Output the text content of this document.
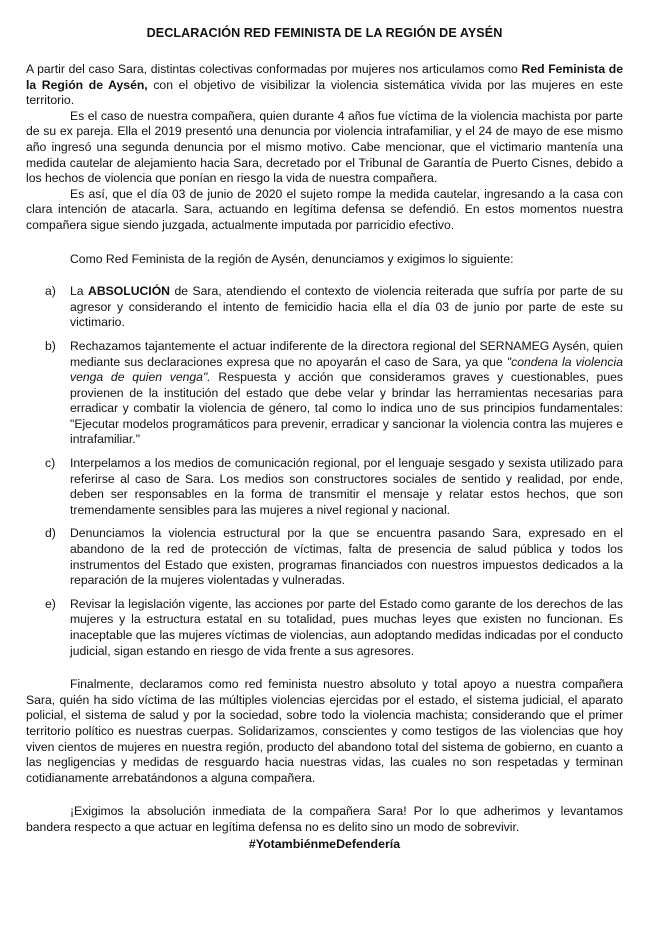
DECLARACIÓN RED FEMINISTA DE LA REGIÓN DE AYSÉN

A partir del caso Sara, distintas colectivas conformadas por mujeres nos articulamos como Red Feminista de la Región de Aysén, con el objetivo de visibilizar la violencia sistemática vivida por las mujeres en este territorio.

Es el caso de nuestra compañera, quien durante 4 años fue víctima de la violencia machista por parte de su ex pareja. Ella el 2019 presentó una denuncia por violencia intrafamiliar, y el 24 de mayo de ese mismo año ingresó una segunda denuncia por el mismo motivo. Cabe mencionar, que el victimario mantenía una medida cautelar de alejamiento hacia Sara, decretado por el Tribunal de Garantía de Puerto Cisnes, debido a los hechos de violencia que ponían en riesgo la vida de nuestra compañera.

Es así, que el día 03 de junio de 2020 el sujeto rompe la medida cautelar, ingresando a la casa con clara intención de atacarla. Sara, actuando en legítima defensa se defendió. En estos momentos nuestra compañera sigue siendo juzgada, actualmente imputada por parricidio efectivo.

Como Red Feminista de la región de Aysén, denunciamos y exigimos lo siguiente:

a) La ABSOLUCIÓN de Sara, atendiendo el contexto de violencia reiterada que sufría por parte de su agresor y considerando el intento de femicidio hacia ella el día 03 de junio por parte de este su victimario.
b) Rechazamos tajantemente el actuar indiferente de la directora regional del SERNAMEG Aysén, quien mediante sus declaraciones expresa que no apoyarán el caso de Sara, ya que "condena la violencia venga de quien venga". Respuesta y acción que consideramos graves y cuestionables, pues provienen de la institución del estado que debe velar y brindar las herramientas necesarias para erradicar y combatir la violencia de género, tal como lo indica uno de sus principios fundamentales: "Ejecutar modelos programáticos para prevenir, erradicar y sancionar la violencia contra las mujeres e intrafamiliar."
c) Interpelamos a los medios de comunicación regional, por el lenguaje sesgado y sexista utilizado para referirse al caso de Sara. Los medios son constructores sociales de sentido y realidad, por ende, deben ser responsables en la forma de transmitir el mensaje y relatar estos hechos, que son tremendamente sensibles para las mujeres a nivel regional y nacional.
d) Denunciamos la violencia estructural por la que se encuentra pasando Sara, expresado en el abandono de la red de protección de víctimas, falta de presencia de salud pública y todos los instrumentos del Estado que existen, programas financiados con nuestros impuestos dedicados a la reparación de la mujeres violentadas y vulneradas.
e) Revisar la legislación vigente, las acciones por parte del Estado como garante de los derechos de las mujeres y la estructura estatal en su totalidad, pues muchas leyes que existen no funcionan. Es inaceptable que las mujeres víctimas de violencias, aun adoptando medidas indicadas por el conducto judicial, sigan estando en riesgo de vida frente a sus agresores.

Finalmente, declaramos como red feminista nuestro absoluto y total apoyo a nuestra compañera Sara, quién ha sido víctima de las múltiples violencias ejercidas por el estado, el sistema judicial, el aparato policial, el sistema de salud y por la sociedad, sobre todo la violencia machista; considerando que el primer territorio político es nuestras cuerpas. Solidarizamos, conscientes y como testigos de las violencias que hoy viven cientos de mujeres en nuestra región, producto del abandono total del sistema de gobierno, en cuanto a las negligencias y medidas de resguardo hacia nuestras vidas, las cuales no son respetadas y terminan cotidianamente arrebatándonos a alguna compañera.

¡Exigimos la absolución inmediata de la compañera Sara! Por lo que adherimos y levantamos bandera respecto a que actuar en legítima defensa no es delito sino un modo de sobrevivir.

#YotambiénmeDefendería
